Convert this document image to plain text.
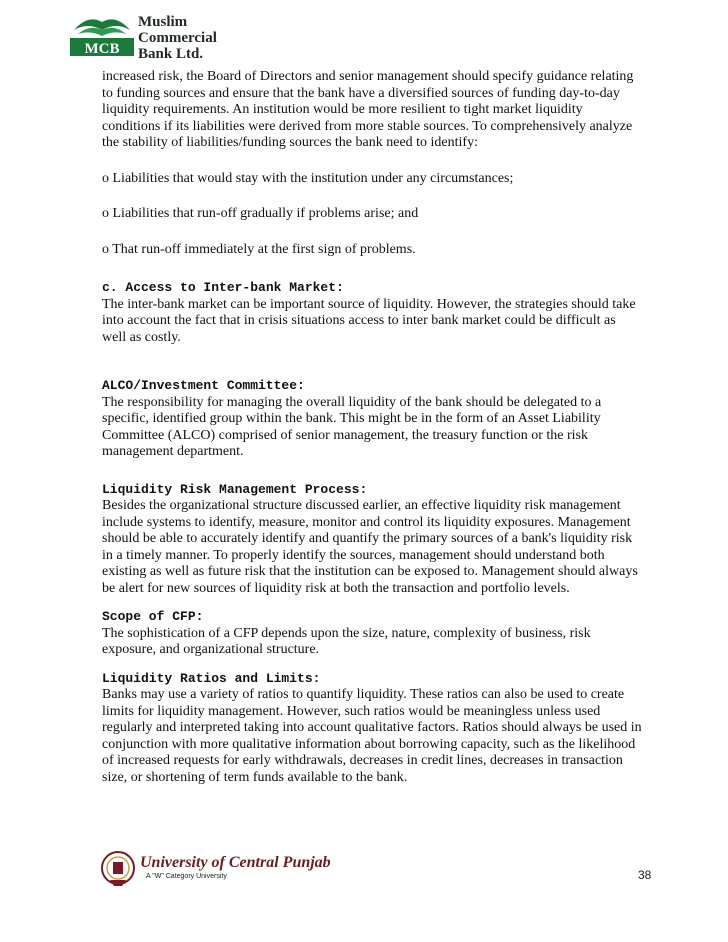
MCB
Muslim
Commercial
Bank Ltd.

increased risk, the Board of Directors and senior management should specify guidance relating to funding sources and ensure that the bank have a diversified sources of funding day-to-day liquidity requirements. An institution would be more resilient to tight market liquidity conditions if its liabilities were derived from more stable sources. To comprehensively analyze the stability of liabilities/funding sources the bank need to identify:

o Liabilities that would stay with the institution under any circumstances;

o Liabilities that run-off gradually if problems arise; and

o That run-off immediately at the first sign of problems.

c. Access to Inter-bank Market:

The inter-bank market can be important source of liquidity. However, the strategies should take into account the fact that in crisis situations access to inter bank market could be difficult as well as costly.

ALCO/Investment Committee:

The responsibility for managing the overall liquidity of the bank should be delegated to a specific, identified group within the bank. This might be in the form of an Asset Liability Committee (ALCO) comprised of senior management, the treasury function or the risk management department.

Liquidity Risk Management Process:

Besides the organizational structure discussed earlier, an effective liquidity risk management include systems to identify, measure, monitor and control its liquidity exposures. Management should be able to accurately identify and quantify the primary sources of a bank's liquidity risk in a timely manner. To properly identify the sources, management should understand both existing as well as future risk that the institution can be exposed to. Management should always be alert for new sources of liquidity risk at both the transaction and portfolio levels.

Scope of CFP:

The sophistication of a CFP depends upon the size, nature, complexity of business, risk exposure, and organizational structure.

Liquidity Ratios and Limits:

Banks may use a variety of ratios to quantify liquidity. These ratios can also be used to create limits for liquidity management. However, such ratios would be meaningless unless used regularly and interpreted taking into account qualitative factors. Ratios should always be used in conjunction with more qualitative information about borrowing capacity, such as the likelihood of increased requests for early withdrawals, decreases in credit lines, decreases in transaction size, or shortening of term funds available to the bank.

University of Central Punjab
A "W" Category University	38
